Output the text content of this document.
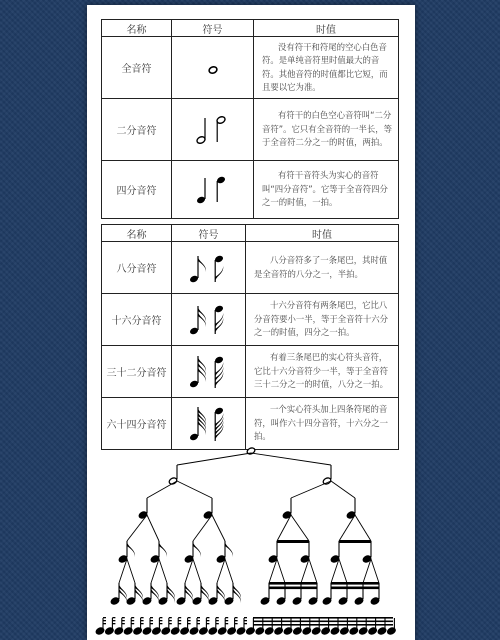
名称	符号	时值
全音符		没有符干和符尾的空心白色音符。是单纯音符里时值最大的音符。其他音符的时值都比它短，而且要以它为准。
二分音符		有符干的白色空心音符叫“二分音符”。它只有全音符的一半长，等于全音符二分之一的时值，两拍。
四分音符		有符干音符头为实心的音符叫“四分音符”。它等于全音符四分之一的时值，一拍。
名称	符号	时值
八分音符		八分音符多了一条尾巴，其时值是全音符的八分之一，半拍。
十六分音符		十六分音符有两条尾巴，它比八分音符要小一半，等于全音符十六分之一的时值，四分之一拍。
三十二分音符		有着三条尾巴的实心符头音符，它比十六分音符少一半，等于全音符三十二分之一的时值，八分之一拍。
六十四分音符		一个实心符头加上四条符尾的音符，叫作六十四分音符，十六分之一拍。
